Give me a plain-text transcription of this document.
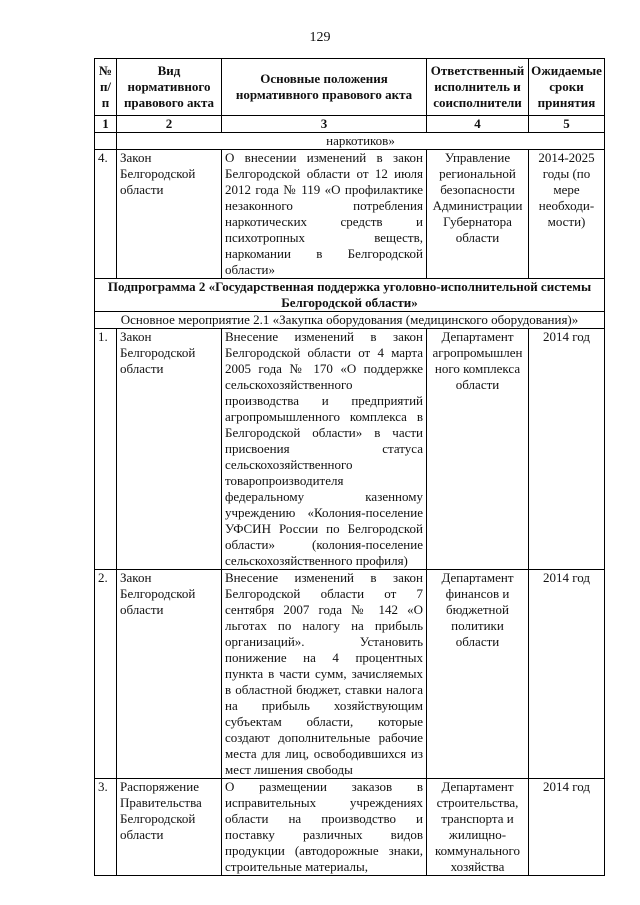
129
№ п/п	Вид нормативного правового акта	Основные положения нормативного правового акта	Ответственный исполнитель и соисполнители	Ожидаемые сроки принятия
1	2	3	4	5
	наркотиков»			
4.	Закон Белгородской области	О внесении изменений в закон Белгородской области от 12 июля 2012 года № 119 «О профилактике незаконного потребления наркотических средств и психотропных веществ, наркомании в Белгородской области»	Управление региональной безопасности Администрации Губернатора области	2014-2025 годы (по мере необходи-мости)
Подпрограмма 2 «Государственная поддержка уголовно-исполнительной системы Белгородской области»				
Основное мероприятие 2.1 «Закупка оборудования (медицинского оборудования)»				
1.	Закон Белгородской области	Внесение изменений в закон Белгородской области от 4 марта 2005 года № 170 «О поддержке сельскохозяйственного производства и предприятий агропромышленного комплекса в Белгородской области» в части присвоения статуса сельскохозяйственного товаропроизводителя федеральному казенному учреждению «Колония-поселение УФСИН России по Белгородской области» (колония-поселение сельскохозяйственного профиля)	Департамент агропромышлен ного комплекса области	2014 год
2.	Закон Белгородской области	Внесение изменений в закон Белгородской области от 7 сентября 2007 года № 142 «О льготах по налогу на прибыль организаций». Установить понижение на 4 процентных пункта в части сумм, зачисляемых в областной бюджет, ставки налога на прибыль хозяйствующим субъектам области, которые создают дополнительные рабочие места для лиц, освободившихся из мест лишения свободы	Департамент финансов и бюджетной политики области	2014 год
3.	Распоряжение Правительства Белгородской области	О размещении заказов в исправительных учреждениях области на производство и поставку различных видов продукции (автодорожные знаки, строительные материалы,	Департамент строительства, транспорта и жилищно-коммунального хозяйства	2014 год
